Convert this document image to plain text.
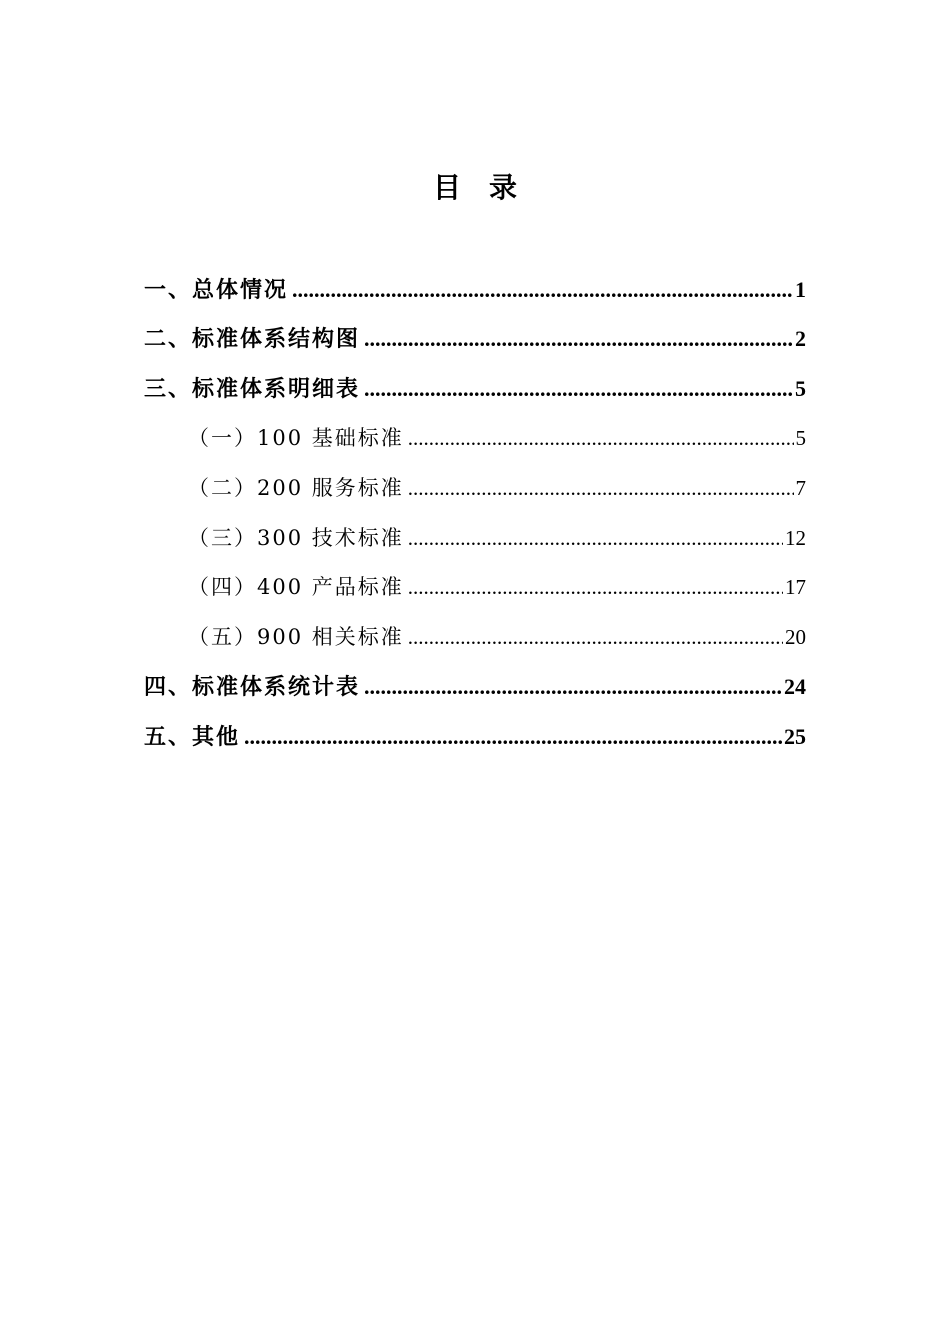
目　录
一、总体情况 .....	1
二、标准体系结构图 .....	2
三、标准体系明细表 .....	5
（一）100 基础标准 .....	5
（二）200 服务标准 .....	7
（三）300 技术标准 .....	12
（四）400 产品标准 .....	17
（五）900 相关标准 .....	20
四、标准体系统计表 .....	24
五、其他 .....	25
